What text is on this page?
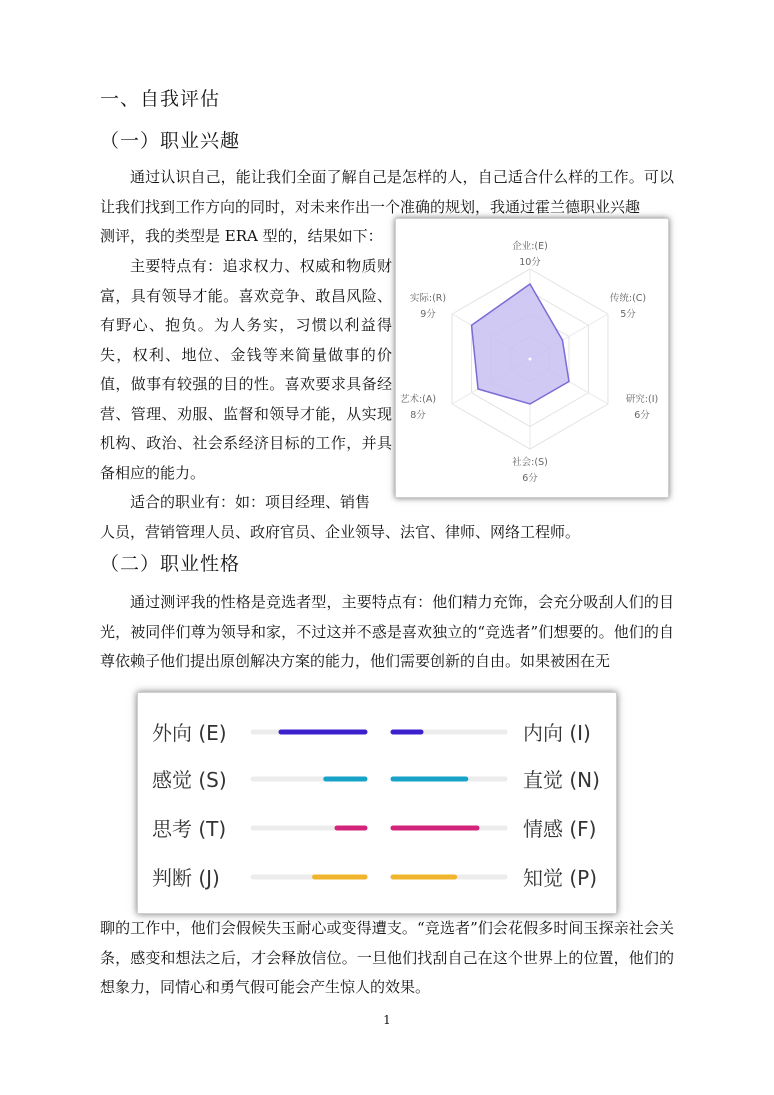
一、自我评估
（一）职业兴趣
通过认识自己，能让我们全面了解自己是怎样的人，自己适合什么样的工作。可以让我们找到工作方向的同时，对未来作出一个准确的规划，我通过霍兰德职业兴趣
测评，我的类型是 ERA 型的，结果如下：
主要特点有：追求权力、权威和物质财富，具有领导才能。喜欢竞争、敢昌风险、有野心、抱负。为人务实，习惯以利益得失，权利、地位、金钱等来简量做事的价值，做事有较强的目的性。喜欢要求具备经营、管理、劝服、监督和领导才能，从实现机构、政治、社会系经济目标的工作，并具备相应的能力。
适合的职业有：如：项目经理、销售
人员，营销管理人员、政府官员、企业领导、法官、律师、网络工程师。
企业:(E)
10分
传统:(C)
5分
研究:(I)
6分
社会:(S)
6分
艺术:(A)
8分
实际:(R)
9分
（二）职业性格
通过测评我的性格是竞选者型，主要特点有：他们精力充饰，会充分吸刮人们的目光，被同伴们尊为领导和家，不过这并不惑是喜欢独立的“竞选者”们想要的。他们的自尊依赖子他们提出原创解决方案的能力，他们需要创新的自由。如果被困在无
外向 (E)	内向 (I)
感觉 (S)	直觉 (N)
思考 (T)	情感 (F)
判断 (J)	知觉 (P)
聊的工作中，他们会假候失玉耐心或变得遭支。“竞选者”们会花假多时间玉探亲社会关条，感变和想法之后，才会释放信位。一旦他们找刮自己在这个世界上的位置，他们的想象力，同情心和勇气假可能会产生惊人的效果。
1
